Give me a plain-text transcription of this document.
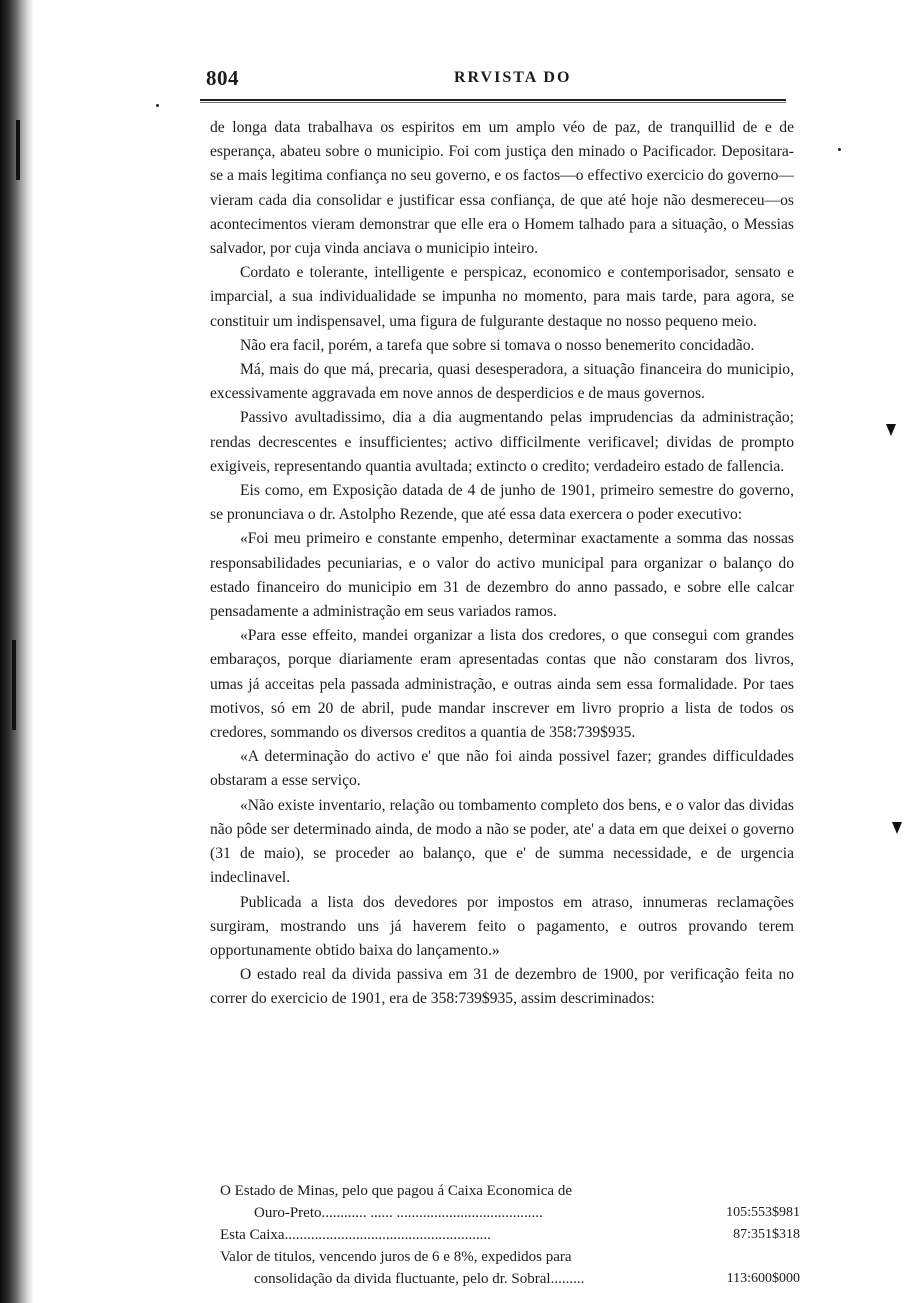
804	RRVISTA DO

de longa data trabalhava os espiritos em um amplo véo de paz, de tranquillid de e de esperança, abateu sobre o municipio. Foi com justiça den minado o Pacificador. Depositara-se a mais legitima confiança no seu governo, e os factos—o effectivo exercicio do governo—vieram cada dia consolidar e justificar essa confiança, de que até hoje não desmereceu—os acontecimentos vieram demonstrar que elle era o Homem talhado para a situação, o Messias salvador, por cuja vinda anciava o municipio inteiro.

Cordato e tolerante, intelligente e perspicaz, economico e contemporisador, sensato e imparcial, a sua individualidade se impunha no momento, para mais tarde, para agora, se constituir um indispensavel, uma figura de fulgurante destaque no nosso pequeno meio.

Não era facil, porém, a tarefa que sobre si tomava o nosso benemerito concidadão.

Má, mais do que má, precaria, quasi desesperadora, a situação financeira do municipio, excessivamente aggravada em nove annos de desperdicios e de maus governos.

Passivo avultadissimo, dia a dia augmentando pelas imprudencias da administração; rendas decrescentes e insufficientes; activo difficilmente verificavel; dividas de prompto exigiveis, representando quantia avultada; extincto o credito; verdadeiro estado de fallencia.

Eis como, em Exposição datada de 4 de junho de 1901, primeiro semestre do governo, se pronunciava o dr. Astolpho Rezende, que até essa data exercera o poder executivo:

«Foi meu primeiro e constante empenho, determinar exactamente a somma das nossas responsabilidades pecuniarias, e o valor do activo municipal para organizar o balanço do estado financeiro do municipio em 31 de dezembro do anno passado, e sobre elle calcar pensadamente a administração em seus variados ramos.

«Para esse effeito, mandei organizar a lista dos credores, o que consegui com grandes embaraços, porque diariamente eram apresentadas contas que não constaram dos livros, umas já acceitas pela passada administração, e outras ainda sem essa formalidade. Por taes motivos, só em 20 de abril, pude mandar inscrever em livro proprio a lista de todos os credores, sommando os diversos creditos a quantia de 358:739$935.

«A determinação do activo e' que não foi ainda possivel fazer; grandes difficuldades obstaram a esse serviço.

«Não existe inventario, relação ou tombamento completo dos bens, e o valor das dividas não pôde ser determinado ainda, de modo a não se poder, ate' a data em que deixei o governo (31 de maio), se proceder ao balanço, que e' de summa necessidade, e de urgencia indeclinavel.

Publicada a lista dos devedores por impostos em atraso, innumeras reclamações surgiram, mostrando uns já haverem feito o pagamento, e outros provando terem opportunamente obtido baixa do lançamento.»

O estado real da divida passiva em 31 de dezembro de 1900, por verificação feita no correr do exercicio de 1901, era de 358:739$935, assim descriminados:

O Estado de Minas, pelo que pagou á Caixa Economica de
Ouro-Preto............ ...... .......................................	105:553$981
Esta Caixa.......................................................	87:351$318
Valor de titulos, vencendo juros de 6 e 8%, expedidos para
consolidação da divida fluctuante, pelo dr. Sobral.........	113:600$000
